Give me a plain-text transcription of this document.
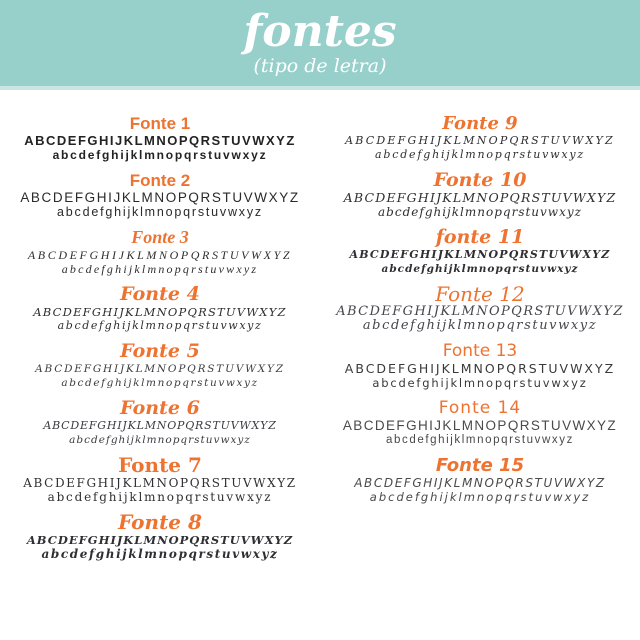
fontes
(tipo de letra)
Fonte 1
ABCDEFGHIJKLMNOPQRSTUVWXYZ
abcdefghijklmnopqrstuvwxyz
Fonte 2
ABCDEFGHIJKLMNOPQRSTUVWXYZ
abcdefghijklmnopqrstuvwxyz
Fonte 3
ABCDEFGHIJKLMNOPQRSTUVWXYZ
abcdefghijklmnopqrstuvwxyz
Fonte 4
ABCDEFGHIJKLMNOPQRSTUVWXYZ
abcdefghijklmnopqrstuvwxyz
Fonte 5
ABCDEFGHIJKLMNOPQRSTUVWXYZ
abcdefghijklmnopqrstuvwxyz
Fonte 6
ABCDEFGHIJKLMNOPQRSTUVWXYZ
abcdefghijklmnopqrstuvwxyz
Fonte 7
ABCDEFGHIJKLMNOPQRSTUVWXYZ
abcdefghijklmnopqrstuvwxyz
Fonte 8
ABCDEFGHIJKLMNOPQRSTUVWXYZ
abcdefghijklmnopqrstuvwxyz
Fonte 9
ABCDEFGHIJKLMNOPQRSTUVWXYZ
abcdefghijklmnopqrstuvwxyz
Fonte 10
ABCDEFGHIJKLMNOPQRSTUVWXYZ
abcdefghijklmnopqrstuvwxyz
fonte 11
ABCDEFGHIJKLMNOPQRSTUVWXYZ
abcdefghijklmnopqrstuvwxyz
Fonte 12
ABCDEFGHIJKLMNOPQRSTUVWXYZ
abcdefghijklmnopqrstuvwxyz
Fonte 13
ABCDEFGHIJKLMNOPQRSTUVWXYZ
abcdefghijklmnopqrstuvwxyz
Fonte 14
ABCDEFGHIJKLMNOPQRSTUVWXYZ
abcdefghijklmnopqrstuvwxyz
Fonte 15
ABCDEFGHIJKLMNOPQRSTUVWXYZ
abcdefghijklmnopqrstuvwxyz
